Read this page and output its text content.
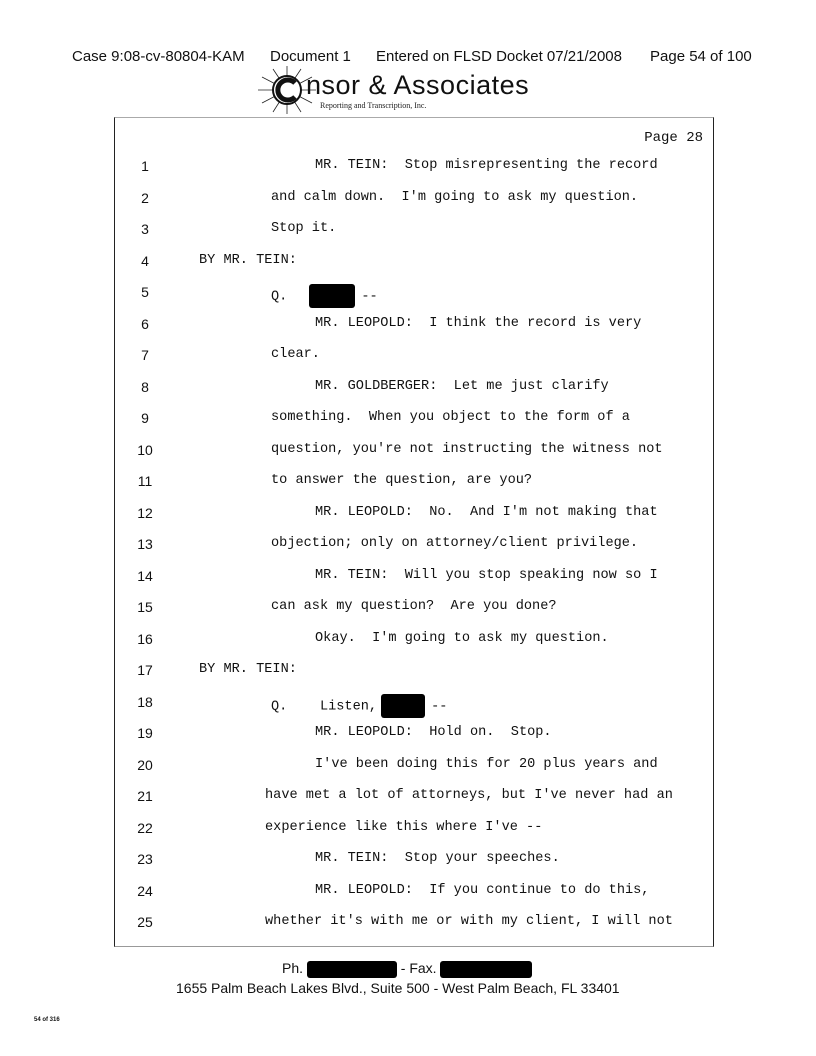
Case 9:08-cv-80804-KAM Document 1 Entered on FLSD Docket 07/21/2008 Page 54 of 100
nsor & Associates
Reporting and Transcription, Inc.
Page 28
1	MR. TEIN:  Stop misrepresenting the record
2	and calm down.  I'm going to ask my question.
3	Stop it.
4	BY MR. TEIN:
5	Q.	--
6	MR. LEOPOLD:  I think the record is very
7	clear.
8	MR. GOLDBERGER:  Let me just clarify
9	something.  When you object to the form of a
10	question, you're not instructing the witness not
11	to answer the question, are you?
12	MR. LEOPOLD:  No.  And I'm not making that
13	objection; only on attorney/client privilege.
14	MR. TEIN:  Will you stop speaking now so I
15	can ask my question?  Are you done?
16	Okay.  I'm going to ask my question.
17	BY MR. TEIN:
18	Q.    Listen,	--
19	MR. LEOPOLD:  Hold on.  Stop.
20	I've been doing this for 20 plus years and
21	have met a lot of attorneys, but I've never had an
22	experience like this where I've --
23	MR. TEIN:  Stop your speeches.
24	MR. LEOPOLD:  If you continue to do this,
25	whether it's with me or with my client, I will not
Ph.	- Fax.
1655 Palm Beach Lakes Blvd., Suite 500 - West Palm Beach, FL 33401
54 of 316
